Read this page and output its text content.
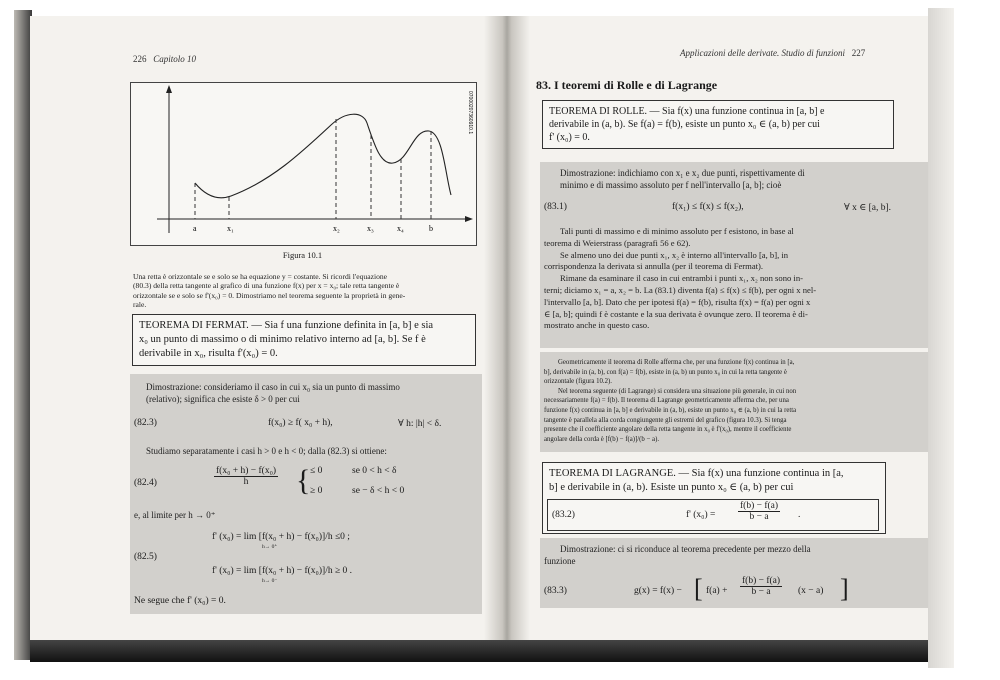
226 Capitolo 10
a	x₁	x₂	x₃	x₄	b
07000207360910.1
Figura 10.1
Una retta è orizzontale se e solo se ha equazione y = costante. Si ricordi l'equazione
(80.3) della retta tangente al grafico di una funzione f(x) per x = x₀; tale retta tangente è
orizzontale se e solo se f'(x₀) = 0. Dimostriamo nel teorema seguente la proprietà in gene-
rale.
TEOREMA DI FERMAT. — Sia f una funzione definita in [a, b] e sia
x₀ un punto di massimo o di minimo relativo interno ad [a, b]. Se f è
derivabile in x₀, risulta f'(x₀) = 0.
Dimostrazione: consideriamo il caso in cui x₀ sia un punto di massimo
(relativo); significa che esiste δ > 0 per cui
(82.3)	f(x₀) ≥ f( x₀ + h),	∀ h: |h| < δ.
Studiamo separatamente i casi h > 0 e h < 0; dalla (82.3) si ottiene:
(82.4)	$\frac{\text{f(x₀ + h) − f(x₀)}}{h}$ { ≤ 0	se 0 < h < δ
≥ 0	se − δ < h < 0
e, al limite per h → 0⁺
f' (x₀) = lim [f(x₀ + h) − f(x₀)]/h ≤0 ;
h→ 0⁺
(82.5)
f' (x₀) = lim [f(x₀ + h) − f(x₀)]/h ≥ 0 .
h→ 0⁻
Ne segue che f' (x₀) = 0.
Applicazioni delle derivate. Studio di funzioni 227
83. I teoremi di Rolle e di Lagrange
TEOREMA DI ROLLE. — Sia f(x) una funzione continua in [a, b] e
derivabile in (a, b). Se f(a) = f(b), esiste un punto x₀ ∈ (a, b) per cui
f' (x₀) = 0.
Dimostrazione: indichiamo con x₁ e x₂ due punti, rispettivamente di
minimo e di massimo assoluto per f nell'intervallo [a, b]; cioè
(83.1)	f(x₁) ≤ f(x) ≤ f(x₂),	∀ x ∈ [a, b].
Tali punti di massimo e di minimo assoluto per f esistono, in base al
teorema di Weierstrass (paragrafi 56 e 62).
Se almeno uno dei due punti x₁, x₂ è interno all'intervallo [a, b], in
corrispondenza la derivata si annulla (per il teorema di Fermat).
Rimane da esaminare il caso in cui entrambi i punti x₁, x₂ non sono in-
terni; diciamo x₁ = a, x₂ = b. La (83.1) diventa f(a) ≤ f(x) ≤ f(b), per ogni x nel-
l'intervallo [a, b]. Dato che per ipotesi f(a) = f(b), risulta f(x) = f(a) per ogni x
∈ [a, b]; quindi f è costante e la sua derivata è ovunque zero. Il teorema è di-
mostrato anche in questo caso.
Geometricamente il teorema di Rolle afferma che, per una funzione f(x) continua in [a,
b], derivabile in (a, b), con f(a) = f(b), esiste in (a, b) un punto x₀ in cui la retta tangente è
orizzontale (figura 10.2).
Nel teorema seguente (di Lagrange) si considera una situazione più generale, in cui non
necessariamente f(a) = f(b). Il teorema di Lagrange geometricamente afferma che, per una
funzione f(x) continua in [a, b] e derivabile in (a, b), esiste un punto x₀ ∈ (a, b) in cui la retta
tangente è parallela alla corda congiungente gli estremi del grafico (figura 10.3). Si tenga
presente che il coefficiente angolare della retta tangente in x₀ è f'(x₀), mentre il coefficiente
angolare della corda è [f(b) − f(a)]/(b − a).
TEOREMA DI LAGRANGE. — Sia f(x) una funzione continua in [a,
b] e derivabile in (a, b). Esiste un punto x₀ ∈ (a, b) per cui
(83.2)	f' $(x_0) = \frac{f(b) - f(a)}{b - a}$ .
Dimostrazione: ci si riconduce al teorema precedente per mezzo della
funzione
(83.3)	g(x) = f(x) − [ $f(a) + \frac{f(b) - f(a)}{b - a} (x - a)$ ]
